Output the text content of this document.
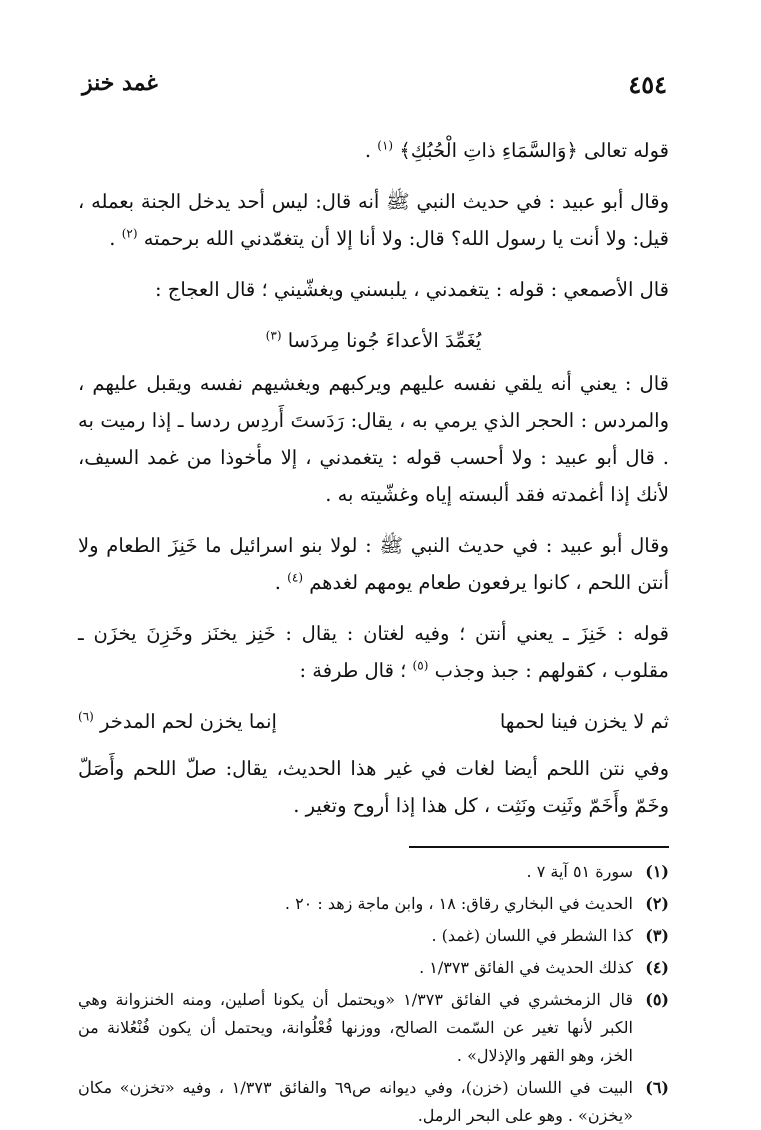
٤٥٤
غمد خنز

قوله تعالى ﴿وَالسَّمَاءِ ذاتِ الْحُبُكِ﴾ $^{(١)}$ .

وقال أبو عبيد : في حديث النبي ﷺ أنه قال: ليس أحد يدخل الجنة بعمله ، قيل: ولا أنت يا رسول الله؟ قال: ولا أنا إلا أن يتغمّدني الله برحمته $^{(٢)}$ .

قال الأصمعي : قوله : يتغمدني ، يلبسني ويغشّيني ؛ قال العجاج :

يُغَمِّدَ الأعداءَ جُونا مِردَسا $^{(٣)}$

قال : يعني أنه يلقي نفسه عليهم ويركبهم ويغشيهم نفسه ويقبل عليهم ، والمردس : الحجر الذي يرمي به ، يقال: رَدَستَ أَردِس ردسا ـ إذا رميت به . قال أبو عبيد : ولا أحسب قوله : يتغمدني ، إلا مأخوذا من غمد السيف، لأنك إذا أغمدته فقد ألبسته إياه وغشّيته به .

وقال أبو عبيد : في حديث النبي ﷺ : لولا بنو اسرائيل ما خَنِزَ الطعام ولا أنتن اللحم ، كانوا يرفعون طعام يومهم لغدهم $^{(٤)}$ .

قوله : خَنِزَ ـ يعني أنتن ؛ وفيه لغتان : يقال : خَنِز يخنَز وخَزِنَ يخزَن ـ مقلوب ، كقولهم : جبذ وجذب $^{(٥)}$ ؛ قال طرفة :

ثم لا يخزن فينا لحمها
إنما يخزن لحم المدخر $^{(٦)}$

وفي نتن اللحم أيضا لغات في غير هذا الحديث، يقال: صلّ اللحم وأَصَلّ وخَمّ وأَخَمّ وثَنِت ونَثِت ، كل هذا إذا أروح وتغير .

(١)
سورة ٥١ آية ٧ .
(٢)
الحديث في البخاري رقاق: ١٨ ، وابن ماجة زهد : ٢٠ .
(٣)
كذا الشطر في اللسان (غمد) .
(٤)
كذلك الحديث في الفائق ١/٣٧٣ .
(٥)
قال الزمخشري في الفائق ١/٣٧٣ «ويحتمل أن يكونا أصلين، ومنه الخنزوانة وهي الكبر لأنها تغير عن السّمت الصالح، ووزنها فُعْلُوانة، ويحتمل أن يكون فُنْعُلانة من الخز، وهو القهر والإذلال» .
(٦)
البيت في اللسان (خزن)، وفي ديوانه ص٦٩ والفائق ١/٣٧٣ ، وفيه «تخزن» مكان «يخزن» . وهو على البحر الرمل.
